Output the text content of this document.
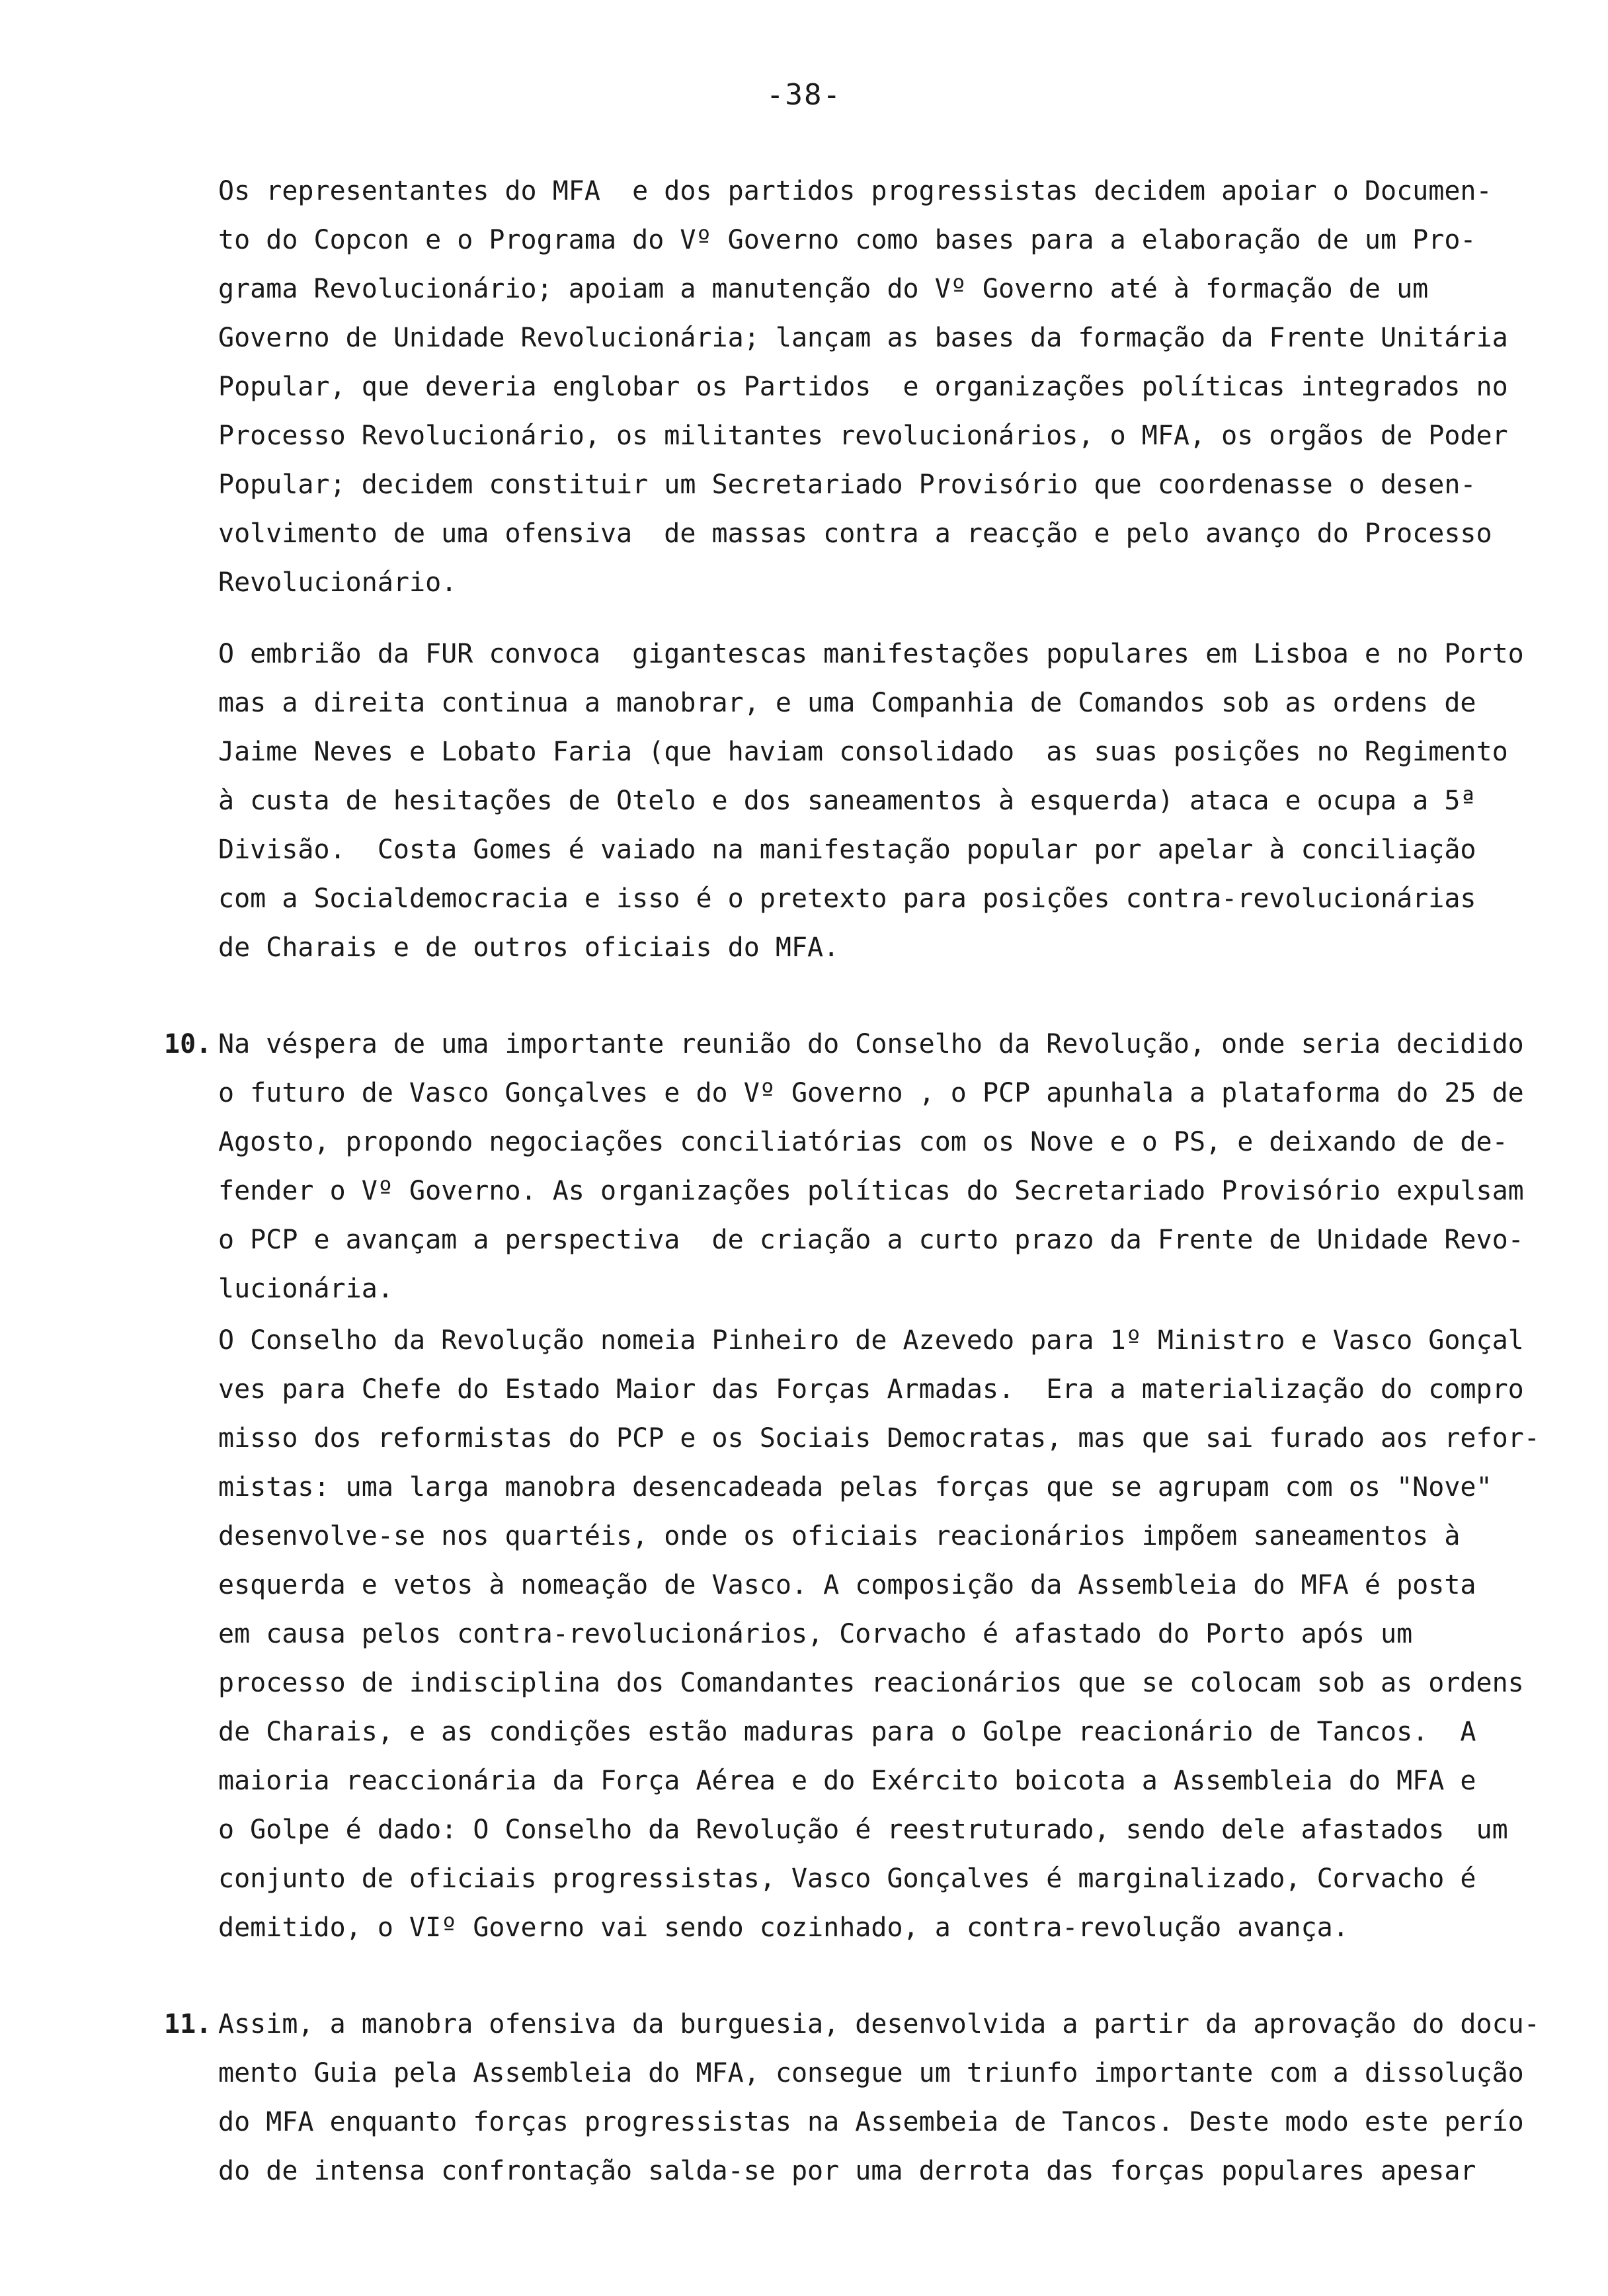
-38-
Os representantes do MFA  e dos partidos progressistas decidem apoiar o Documen-
to do Copcon e o Programa do Vº Governo como bases para a elaboração de um Pro-
grama Revolucionário; apoiam a manutenção do Vº Governo até à formação de um
Governo de Unidade Revolucionária; lançam as bases da formação da Frente Unitária
Popular, que deveria englobar os Partidos  e organizações políticas integrados no
Processo Revolucionário, os militantes revolucionários, o MFA, os orgãos de Poder
Popular; decidem constituir um Secretariado Provisório que coordenasse o desen-
volvimento de uma ofensiva  de massas contra a reacção e pelo avanço do Processo
Revolucionário.
O embrião da FUR convoca  gigantescas manifestações populares em Lisboa e no Porto
mas a direita continua a manobrar, e uma Companhia de Comandos sob as ordens de
Jaime Neves e Lobato Faria (que haviam consolidado  as suas posições no Regimento
à custa de hesitações de Otelo e dos saneamentos à esquerda) ataca e ocupa a 5ª
Divisão.  Costa Gomes é vaiado na manifestação popular por apelar à conciliação
com a Socialdemocracia e isso é o pretexto para posições contra-revolucionárias
de Charais e de outros oficiais do MFA.
10. Na véspera de uma importante reunião do Conselho da Revolução, onde seria decidido
o futuro de Vasco Gonçalves e do Vº Governo , o PCP apunhala a plataforma do 25 de
Agosto, propondo negociações conciliatórias com os Nove e o PS, e deixando de de-
fender o Vº Governo. As organizações políticas do Secretariado Provisório expulsam
o PCP e avançam a perspectiva  de criação a curto prazo da Frente de Unidade Revo-
lucionária.
O Conselho da Revolução nomeia Pinheiro de Azevedo para 1º Ministro e Vasco Gonçal
ves para Chefe do Estado Maior das Forças Armadas.  Era a materialização do compro
misso dos reformistas do PCP e os Sociais Democratas, mas que sai furado aos refor-
mistas: uma larga manobra desencadeada pelas forças que se agrupam com os "Nove"
desenvolve-se nos quartéis, onde os oficiais reacionários impõem saneamentos à
esquerda e vetos à nomeação de Vasco. A composição da Assembleia do MFA é posta
em causa pelos contra-revolucionários, Corvacho é afastado do Porto após um
processo de indisciplina dos Comandantes reacionários que se colocam sob as ordens
de Charais, e as condições estão maduras para o Golpe reacionário de Tancos.  A
maioria reaccionária da Força Aérea e do Exército boicota a Assembleia do MFA e
o Golpe é dado: O Conselho da Revolução é reestruturado, sendo dele afastados  um
conjunto de oficiais progressistas, Vasco Gonçalves é marginalizado, Corvacho é
demitido, o VIº Governo vai sendo cozinhado, a contra-revolução avança.
11. Assim, a manobra ofensiva da burguesia, desenvolvida a partir da aprovação do docu-
mento Guia pela Assembleia do MFA, consegue um triunfo importante com a dissolução
do MFA enquanto forças progressistas na Assembeia de Tancos. Deste modo este perío
do de intensa confrontação salda-se por uma derrota das forças populares apesar
